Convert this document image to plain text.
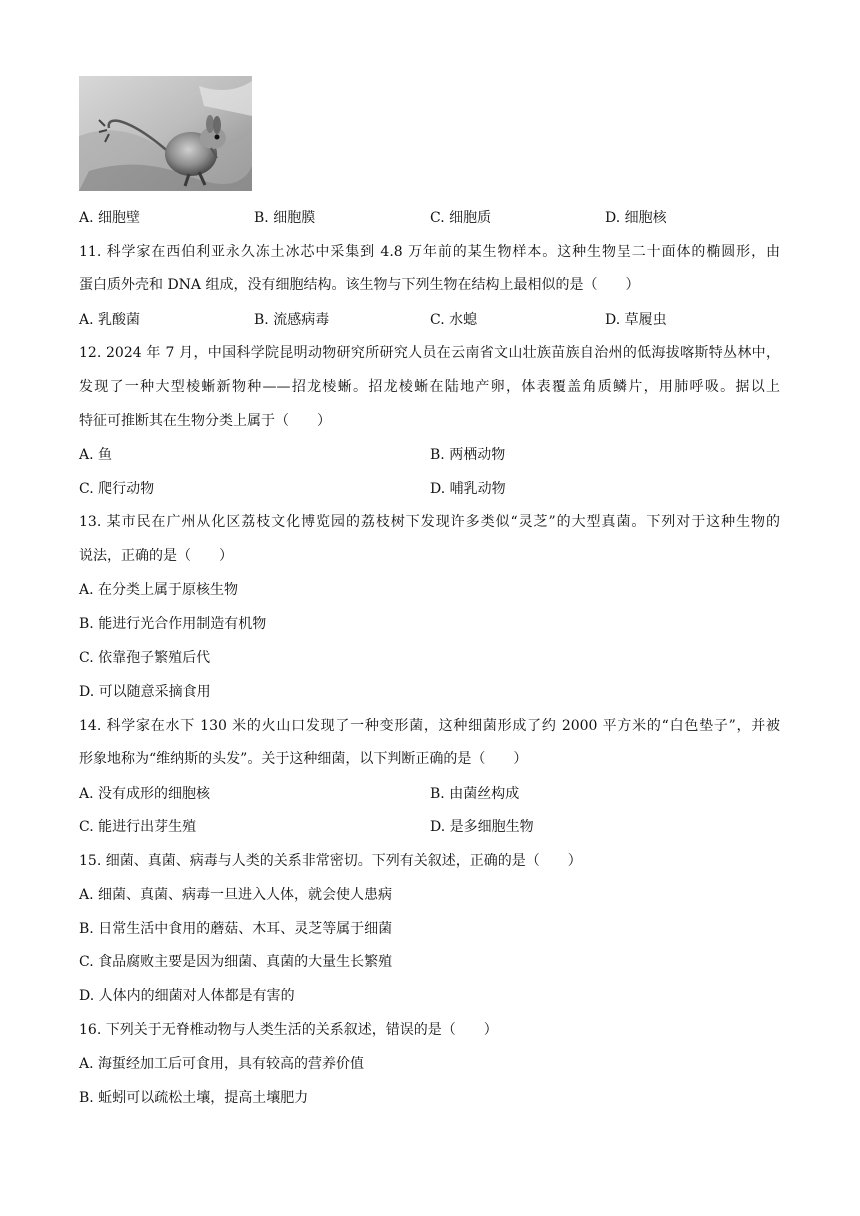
A. 细胞壁	B. 细胞膜	C. 细胞质	D. 细胞核
11. 科学家在西伯利亚永久冻土冰芯中采集到 4.8 万年前的某生物样本。这种生物呈二十面体的椭圆形，由
蛋白质外壳和 DNA 组成，没有细胞结构。该生物与下列生物在结构上最相似的是（　　）
A. 乳酸菌	B. 流感病毒	C. 水螅	D. 草履虫
12. 2024 年 7 月，中国科学院昆明动物研究所研究人员在云南省文山壮族苗族自治州的低海拔喀斯特丛林中，
发现了一种大型棱蜥新物种——招龙棱蜥。招龙棱蜥在陆地产卵，体表覆盖角质鳞片，用肺呼吸。据以上
特征可推断其在生物分类上属于（　　）
A. 鱼	B. 两栖动物
C. 爬行动物	D. 哺乳动物
13. 某市民在广州从化区荔枝文化博览园的荔枝树下发现许多类似“灵芝”的大型真菌。下列对于这种生物的
说法，正确的是（　　）
A. 在分类上属于原核生物
B. 能进行光合作用制造有机物
C. 依靠孢子繁殖后代
D. 可以随意采摘食用
14. 科学家在水下 130 米的火山口发现了一种变形菌，这种细菌形成了约 2000 平方米的“白色垫子”，并被
形象地称为“维纳斯的头发”。关于这种细菌，以下判断正确的是（　　）
A. 没有成形的细胞核	B. 由菌丝构成
C. 能进行出芽生殖	D. 是多细胞生物
15. 细菌、真菌、病毒与人类的关系非常密切。下列有关叙述，正确的是（　　）
A. 细菌、真菌、病毒一旦进入人体，就会使人患病
B. 日常生活中食用的蘑菇、木耳、灵芝等属于细菌
C. 食品腐败主要是因为细菌、真菌的大量生长繁殖
D. 人体内的细菌对人体都是有害的
16. 下列关于无脊椎动物与人类生活的关系叙述，错误的是（　　）
A. 海蜇经加工后可食用，具有较高的营养价值
B. 蚯蚓可以疏松土壤，提高土壤肥力
